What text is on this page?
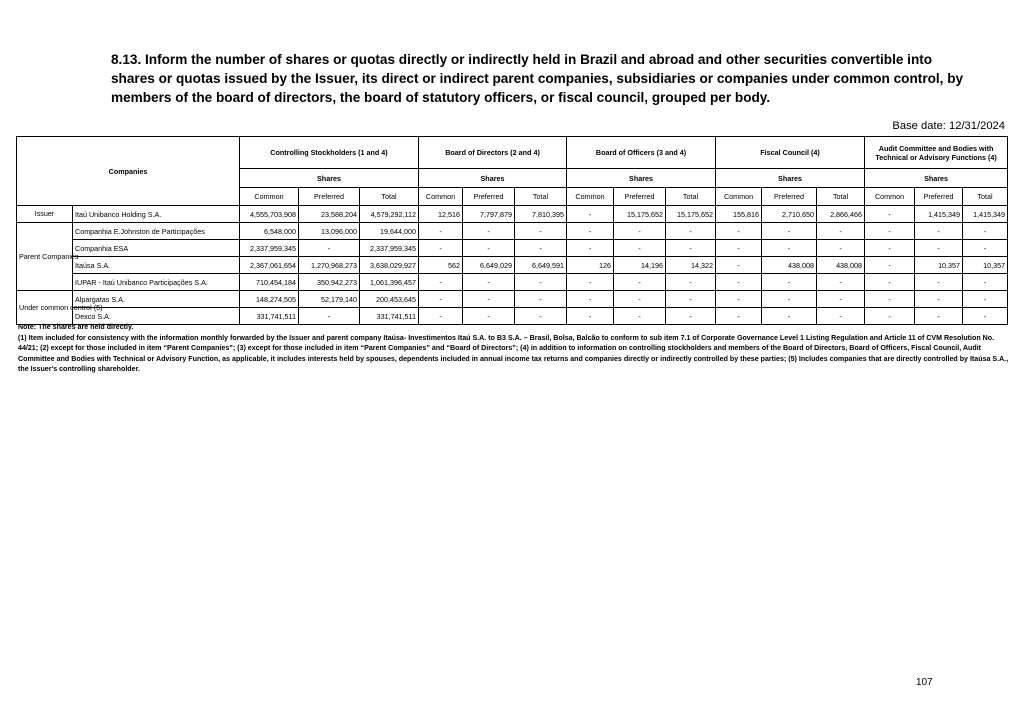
8.13. Inform the number of shares or quotas directly or indirectly held in Brazil and abroad and other securities convertible into shares or quotas issued by the Issuer, its direct or indirect parent companies, subsidiaries or companies under common control, by members of the board of directors, the board of statutory officers, or fiscal council, grouped per body.
Base date: 12/31/2024
Companies		Controlling Stockholders (1 and 4)			Board of Directors (2 and 4)			Board of Officers (3 and 4)			Fiscal Council (4)			Audit Committee and Bodies with Technical or Advisory Functions (4)		
		Shares			Shares			Shares			Shares			Shares		
		Common	Preferred	Total	Common	Preferred	Total	Common	Preferred	Total	Common	Preferred	Total	Common	Preferred	Total
Issuer	Itaú Unibanco Holding S.A.	4,555,703,908	23,588,204	4,579,292,112	12,516	7,797,879	7,810,395	-	15,175,652	15,175,652	155,816	2,710,650	2,866,466	-	1,415,349	1,415,349
Parent Companies	Companhia E.Johnston de Participações	6,548,000	13,096,000	19,644,000	-	-	-	-	-	-	-	-	-	-	-	-
	Companhia ESA	2,337,959,345	-	2,337,959,345	-	-	-	-	-	-	-	-	-	-	-	-
	Itaúsa S.A.	2,367,061,654	1,270,968,273	3,638,029,927	562	6,649,029	6,649,591	126	14,196	14,322	-	438,008	438,008	-	10,357	10,357
	IUPAR - Itaú Unibanco Participações S.A.	710,454,184	350,942,273	1,061,396,457	-	-	-	-	-	-	-	-	-	-	-	-
Under common control (5)	Alpargatas S.A.	148,274,505	52,179,140	200,453,645	-	-	-	-	-	-	-	-	-	-	-	-
	Dexco S.A.	331,741,511	-	331,741,511	-	-	-	-	-	-	-	-	-	-	-	-

Note: The shares are held directly.

(1) Item included for consistency with the information monthly forwarded by the Issuer and parent company Itaúsa- Investimentos Itaú S.A. to B3 S.A. – Brasil, Bolsa, Balcão to conform to sub item 7.1 of Corporate Governance Level 1 Listing Regulation and Article 11 of CVM Resolution No. 44/21; (2) except for those included in item “Parent Companies”; (3) except for those included in item “Parent Companies” and “Board of Directors”; (4) in addition to information on controlling stockholders and members of the Board of Directors, Board of Officers, Fiscal Council, Audit Committee and Bodies with Technical or Advisory Function, as applicable, it includes interests held by spouses, dependents included in annual income tax returns and companies directly or indirectly controlled by these parties; (5) Includes companies that are directly controlled by Itaúsa S.A., the Issuer's controlling shareholder.

107
